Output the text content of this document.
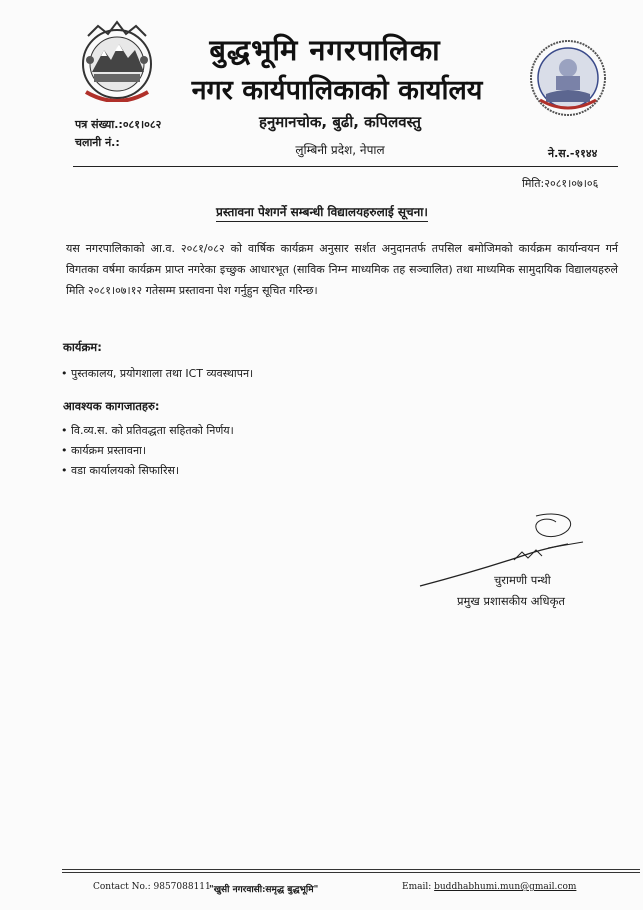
बुद्धभूमि नगरपालिका
नगर कार्यपालिकाको कार्यालय
हनुमानचोक, बुढी, कपिलवस्तु
लुम्बिनी प्रदेश, नेपाल
पत्र संख्या.:०८१।०८२
चलानी नं.:
ने.स.-११४४
मिति:२०८१।०७।०६
प्रस्तावना पेशगर्ने सम्बन्धी विद्यालयहरुलाई सूचना।
यस नगरपालिकाको आ.व. २०८१/०८२ को वार्षिक कार्यक्रम अनुसार सर्शत अनुदानतर्फ तपसिल बमोजिमको कार्यक्रम कार्यान्वयन गर्न विगतका वर्षमा कार्यक्रम प्राप्त नगरेका इच्छुक आधारभूत (साविक निम्न माध्यमिक तह सञ्चालित) तथा माध्यमिक सामुदायिक विद्यालयहरुले मिति २०८१।०७।१२ गतेसम्म प्रस्तावना पेश गर्नुहुन सूचित गरिन्छ।
कार्यक्रम:
• पुस्तकालय, प्रयोगशाला तथा ICT व्यवस्थापन।
आवश्यक कागजातहरु:
• वि.व्य.स. को प्रतिवद्धता सहितको निर्णय।
• कार्यक्रम प्रस्तावना।
• वडा कार्यालयको सिफारिस।
चुरामणी पन्थी
प्रमुख प्रशासकीय अधिकृत
Contact No.: 9857088111
"खुसी नगरवासी:समृद्ध बुद्धभूमि"	Email: buddhabhumi.mun@gmail.com
